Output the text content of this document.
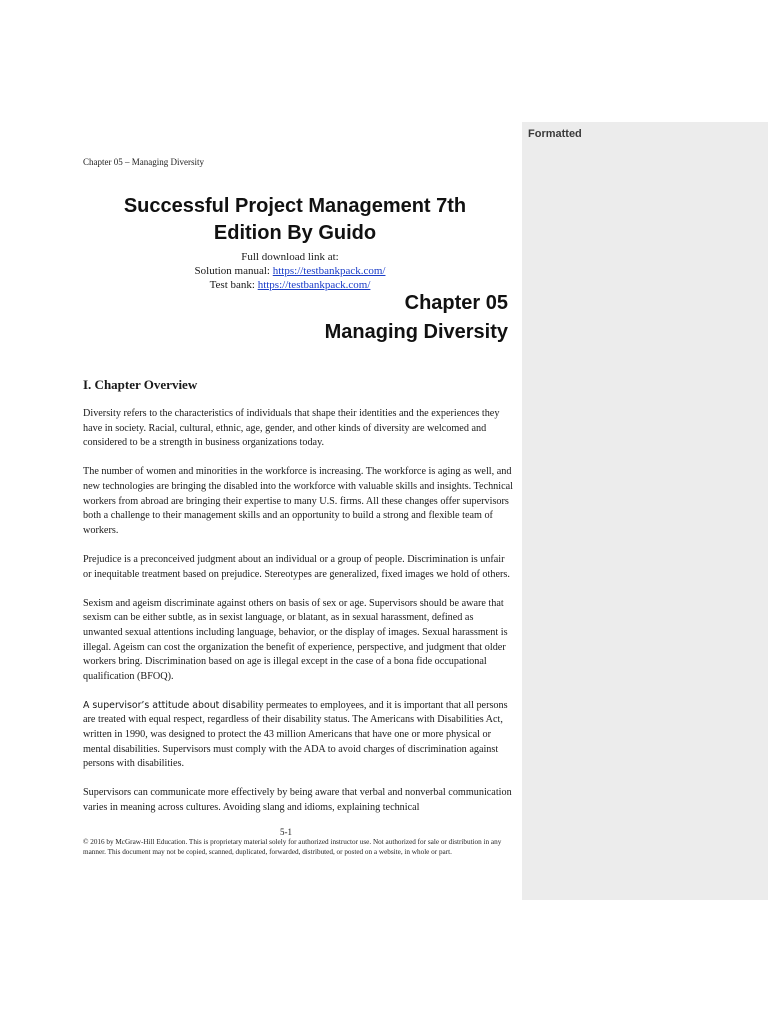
Chapter 05 – Managing Diversity
Successful Project Management 7th
Edition By Guido
Full download link at:
Solution manual: https://testbankpack.com/
Test bank: https://testbankpack.com/
Chapter 05
Managing Diversity
I. Chapter Overview

Diversity refers to the characteristics of individuals that shape their identities and the experiences they have in society. Racial, cultural, ethnic, age, gender, and other kinds of diversity are welcomed and considered to be a strength in business organizations today.

The number of women and minorities in the workforce is increasing. The workforce is aging as well, and new technologies are bringing the disabled into the workforce with valuable skills and insights. Technical workers from abroad are bringing their expertise to many U.S. firms. All these changes offer supervisors both a challenge to their management skills and an opportunity to build a strong and flexible team of workers.

Prejudice is a preconceived judgment about an individual or a group of people. Discrimination is unfair or inequitable treatment based on prejudice. Stereotypes are generalized, fixed images we hold of others.

Sexism and ageism discriminate against others on basis of sex or age. Supervisors should be aware that sexism can be either subtle, as in sexist language, or blatant, as in sexual harassment, defined as unwanted sexual attentions including language, behavior, or the display of images. Sexual harassment is illegal. Ageism can cost the organization the benefit of experience, perspective, and judgment that older workers bring. Discrimination based on age is illegal except in the case of a bona fide occupational qualification (BFOQ).

A supervisor’s attitude about disability permeates to employees, and it is important that all persons are treated with equal respect, regardless of their disability status. The Americans with Disabilities Act, written in 1990, was designed to protect the 43 million Americans that have one or more physical or mental disabilities. Supervisors must comply with the ADA to avoid charges of discrimination against persons with disabilities.

Supervisors can communicate more effectively by being aware that verbal and nonverbal communication varies in meaning across cultures. Avoiding slang and idioms, explaining technical

5-1
© 2016 by McGraw-Hill Education. This is proprietary material solely for authorized instructor use. Not authorized for sale or distribution in any manner. This document may not be copied, scanned, duplicated, forwarded, distributed, or posted on a website, in whole or part.
Formatted
